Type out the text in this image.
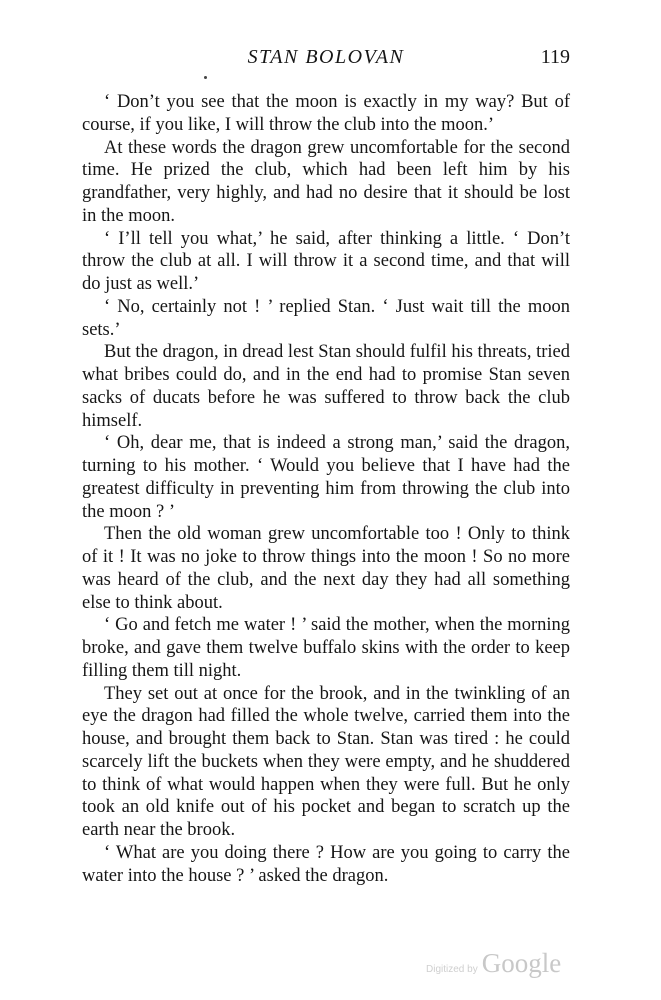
STAN BOLOVAN	119

‘ Don’t you see that the moon is exactly in my way? But of course, if you like, I will throw the club into the moon.’

At these words the dragon grew uncomfortable for the second time. He prized the club, which had been left him by his grandfather, very highly, and had no desire that it should be lost in the moon.

‘ I’ll tell you what,’ he said, after thinking a little. ‘ Don’t throw the club at all. I will throw it a second time, and that will do just as well.’

‘ No, certainly not ! ’ replied Stan. ‘ Just wait till the moon sets.’

But the dragon, in dread lest Stan should fulfil his threats, tried what bribes could do, and in the end had to promise Stan seven sacks of ducats before he was suffered to throw back the club himself.

‘ Oh, dear me, that is indeed a strong man,’ said the dragon, turning to his mother. ‘ Would you believe that I have had the greatest difficulty in preventing him from throwing the club into the moon ? ’

Then the old woman grew uncomfortable too ! Only to think of it ! It was no joke to throw things into the moon ! So no more was heard of the club, and the next day they had all something else to think about.

‘ Go and fetch me water ! ’ said the mother, when the morning broke, and gave them twelve buffalo skins with the order to keep filling them till night.

They set out at once for the brook, and in the twinkling of an eye the dragon had filled the whole twelve, carried them into the house, and brought them back to Stan. Stan was tired : he could scarcely lift the buckets when they were empty, and he shuddered to think of what would happen when they were full. But he only took an old knife out of his pocket and began to scratch up the earth near the brook.

‘ What are you doing there ? How are you going to carry the water into the house ? ’ asked the dragon.

Digitized by Google
